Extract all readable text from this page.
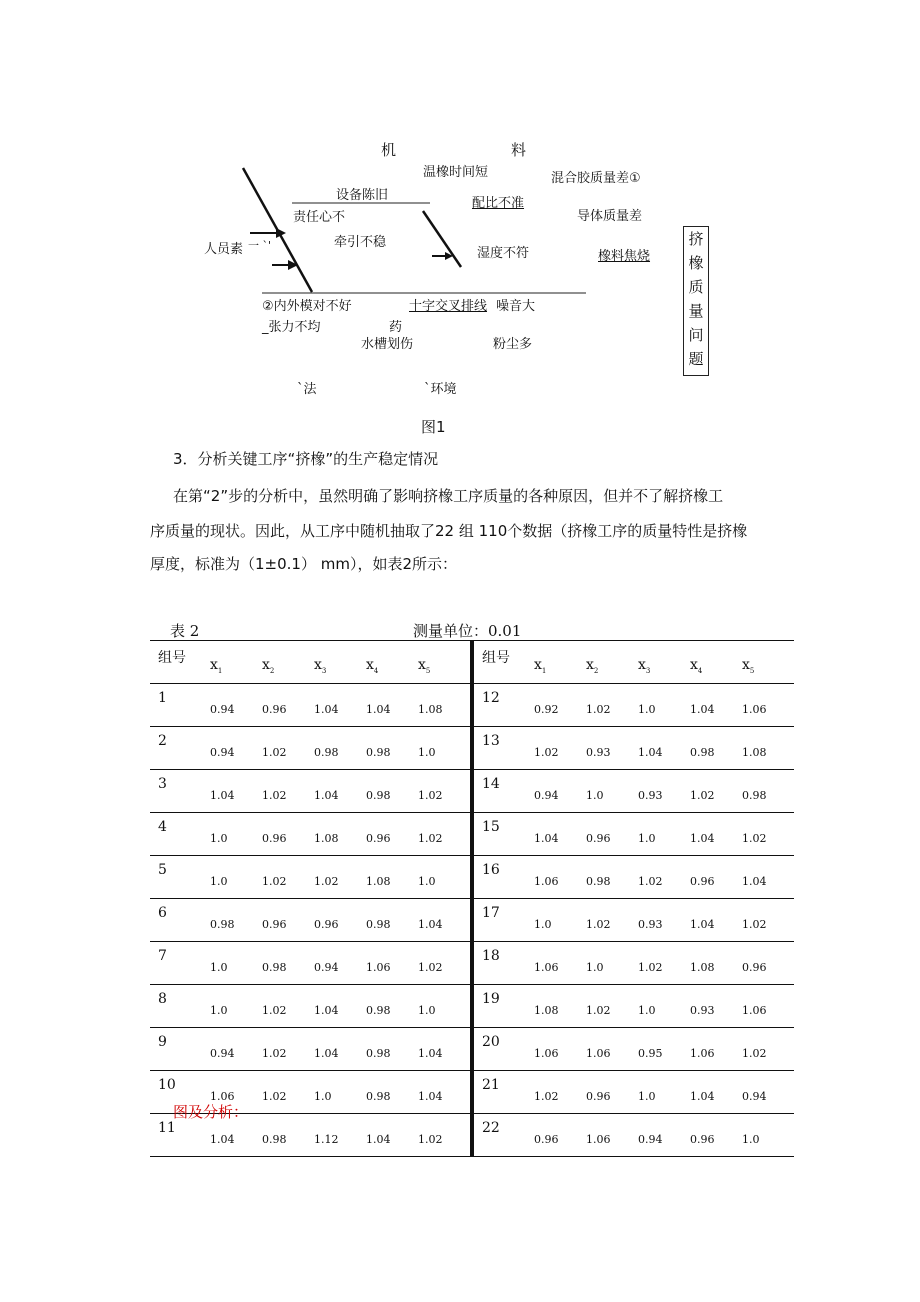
机	料
温橡时间短	混合胶质量差①
设备陈旧
配比不准
责任心不	导体质量差
牵引不稳
人员素 一 `'
湿度不符	橡料焦烧
挤
橡
质
量
问
题
②内外模对不好	十字交叉排线 噪音大
_张力不均	药
水槽划伤	粉尘多
`法	`环境
图1
3．分析关键工序“挤橡”的生产稳定情况
在第“2”步的分析中，虽然明确了影响挤橡工序质量的各种原因，但并不了解挤橡工
序质量的现状。因此，从工序中随机抽取了22 组 110个数据（挤橡工序的质量特性是挤橡
厚度，标准为（1±0.1） mm），如表2所示：
表 2	测量单位：0.01
组号	$x_1$	$x_2$	$x_3$	$x_4$	$x_5$	组号	$x_1$	$x_2$	$x_3$	$x_4$	$x_5$
1	0.94	0.96	1.04	1.04	1.08	12	0.92	1.02	1.0	1.04	1.06
2	0.94	1.02	0.98	0.98	1.0	13	1.02	0.93	1.04	0.98	1.08
3	1.04	1.02	1.04	0.98	1.02	14	0.94	1.0	0.93	1.02	0.98
4	1.0	0.96	1.08	0.96	1.02	15	1.04	0.96	1.0	1.04	1.02
5	1.0	1.02	1.02	1.08	1.0	16	1.06	0.98	1.02	0.96	1.04
6	0.98	0.96	0.96	0.98	1.04	17	1.0	1.02	0.93	1.04	1.02
7	1.0	0.98	0.94	1.06	1.02	18	1.06	1.0	1.02	1.08	0.96
8	1.0	1.02	1.04	0.98	1.0	19	1.08	1.02	1.0	0.93	1.06
9	0.94	1.02	1.04	0.98	1.04	20	1.06	1.06	0.95	1.06	1.02
10	1.06	1.02	1.0	0.98	1.04	21	1.02	0.96	1.0	1.04	0.94
11	1.04	0.98	1.12	1.04	1.02	22	0.96	1.06	0.94	0.96	1.0
图及分析：
